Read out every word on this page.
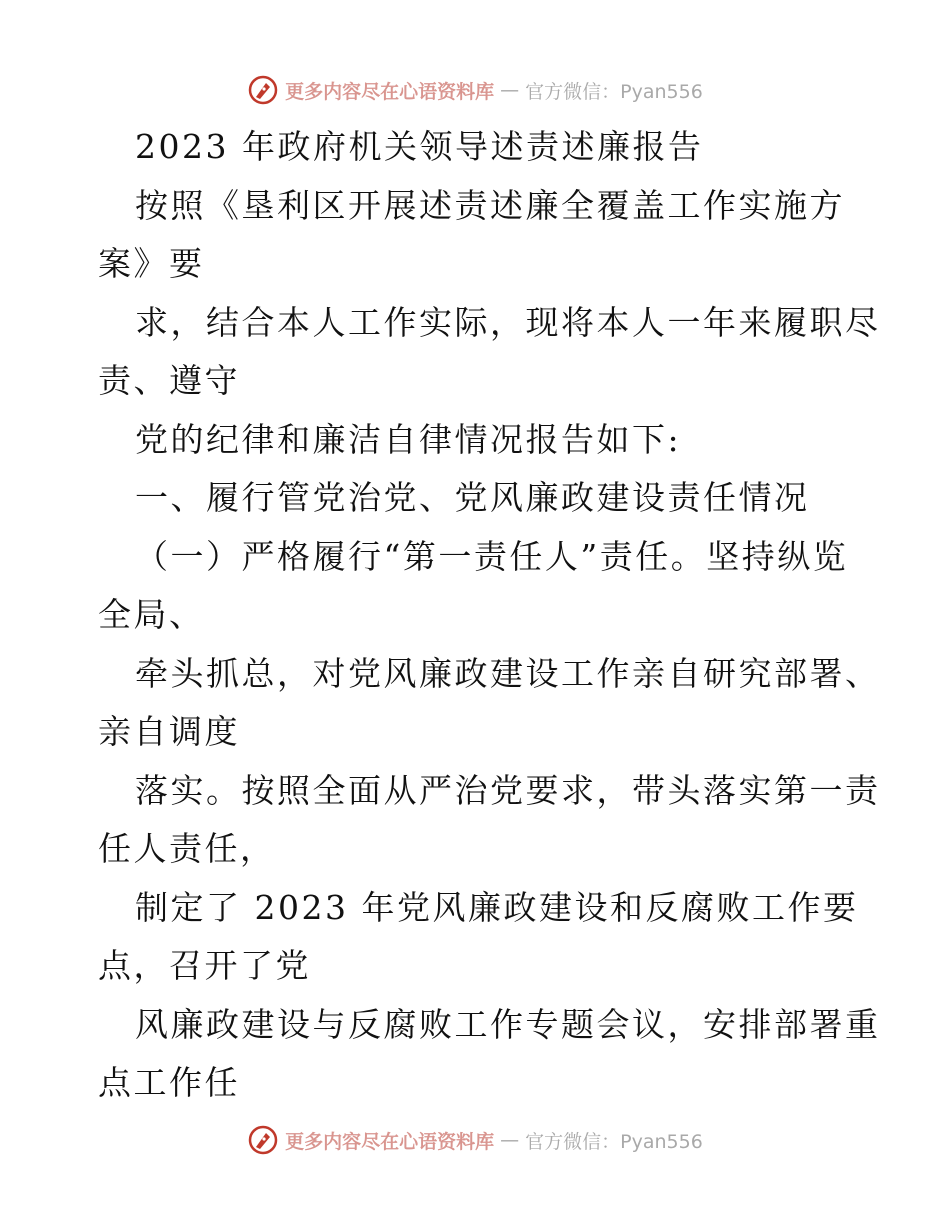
更多内容尽在心语资料库 — 官方微信：Pyan556
2023 年政府机关领导述责述廉报告
按照《垦利区开展述责述廉全覆盖工作实施方
案》要
求，结合本人工作实际，现将本人一年来履职尽
责、遵守
党的纪律和廉洁自律情况报告如下:
一、履行管党治党、党风廉政建设责任情况
（一）严格履行“第一责任人”责任。坚持纵览
全局、
牵头抓总，对党风廉政建设工作亲自研究部署、
亲自调度
落实。按照全面从严治党要求，带头落实第一责
任人责任，
制定了 2023 年党风廉政建设和反腐败工作要
点，召开了党
风廉政建设与反腐败工作专题会议，安排部署重
点工作任
更多内容尽在心语资料库 — 官方微信：Pyan556
